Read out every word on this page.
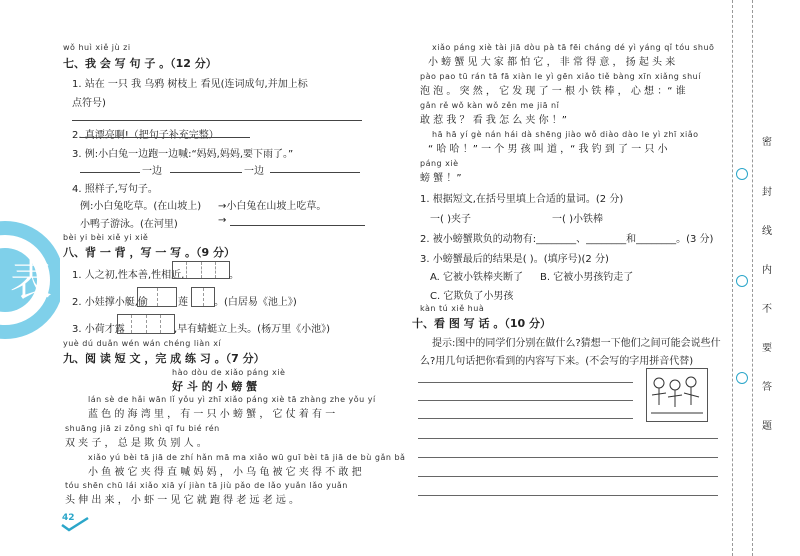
表
wǒ huì xiě jù zi
七、我 会 写 句 子 。（12 分）
1. 站在 一只 我 乌鸦 树枝上 看见(连词成句,并加上标
点符号)
2. 真漂亮啊!（把句子补充完整）
3. 例:小白兔一边跑一边喊:“妈妈,妈妈,要下雨了。”
一边	一边
4. 照样子,写句子。
例:小白兔吃草。(在山坡上) →小白兔在山坡上吃草。
小鸭子游泳。(在河里)	→
bèi yi bèi xiě yi xiě
八、背 一 背 ，写 一 写 。（9 分）
1. 人之初,性本善,性相近,	。
2. 小娃撑小艇,偷	莲	。(白居易《池上》)
3. 小荷才露	,早有蜻蜓立上头。(杨万里《小池》)
yuè dú duǎn wén wán chéng liàn xí
九、阅 读 短 文 ，完 成 练 习 。（7 分）
hào dòu de xiǎo páng xiè
好 斗 的 小 螃 蟹
lán sè de hǎi wān lǐ yǒu yì zhī xiǎo páng xiè tā zhàng zhe yǒu yí
蓝 色 的 海 湾 里 ， 有 一 只 小 螃 蟹 ， 它 仗 着 有 一
shuāng jiā zi zǒng shì qī fu bié rén
双 夹 子 ， 总 是 欺 负 别 人 。
xiǎo yú bèi tā jiā de zhí hǎn mā ma xiǎo wū guī bèi tā jiā de bù gǎn bǎ
小 鱼 被 它 夹 得 直 喊 妈 妈 ， 小 乌 龟 被 它 夹 得 不 敢 把
tóu shēn chū lái xiǎo xiā yí jiàn tā jiù pǎo de lǎo yuǎn lǎo yuǎn
头 伸 出 来 ， 小 虾 一 见 它 就 跑 得 老 远 老 远 。
42
xiǎo páng xiè tài jiā dòu pà tā fēi cháng dé yì yáng qǐ tóu shuō
小 螃 蟹 见 大 家 都 怕 它 ， 非 常 得 意 ， 扬 起 头 来
pào pao tū rán tā fā xiàn le yì gēn xiǎo tiě bàng xīn xiǎng shuí
泡 泡 。 突 然 ， 它 发 现 了 一 根 小 铁 棒 ， 心 想 ：“ 谁
gǎn rě wǒ kàn wǒ zěn me jiā nǐ
敢 惹 我 ？ 看 我 怎 么 夹 你 ！”
hā hā yí gè nán hái dà shēng jiào wǒ diào dào le yì zhī xiǎo
“ 哈 哈 ！” 一 个 男 孩 叫 道 ，“ 我 钓 到 了 一 只 小
páng xiè
螃 蟹 ！”
1. 根据短文,在括号里填上合适的量词。(2 分)
一( )夹子	一( )小铁棒
2. 被小螃蟹欺负的动物有:________、________和________。(3 分)
3. 小螃蟹最后的结果是( )。(填序号)(2 分)
A. 它被小铁棒夹断了 B. 它被小男孩钓走了
C. 它欺负了小男孩
kàn tú xiě huà
十、看 图 写 话 。（10 分）
提示:图中的同学们分别在做什么?猜想一下他们之间可能会说些什
么?用几句话把你看到的内容写下来。(不会写的字用拼音代替)
密
封
线
内
不
要
答
题
